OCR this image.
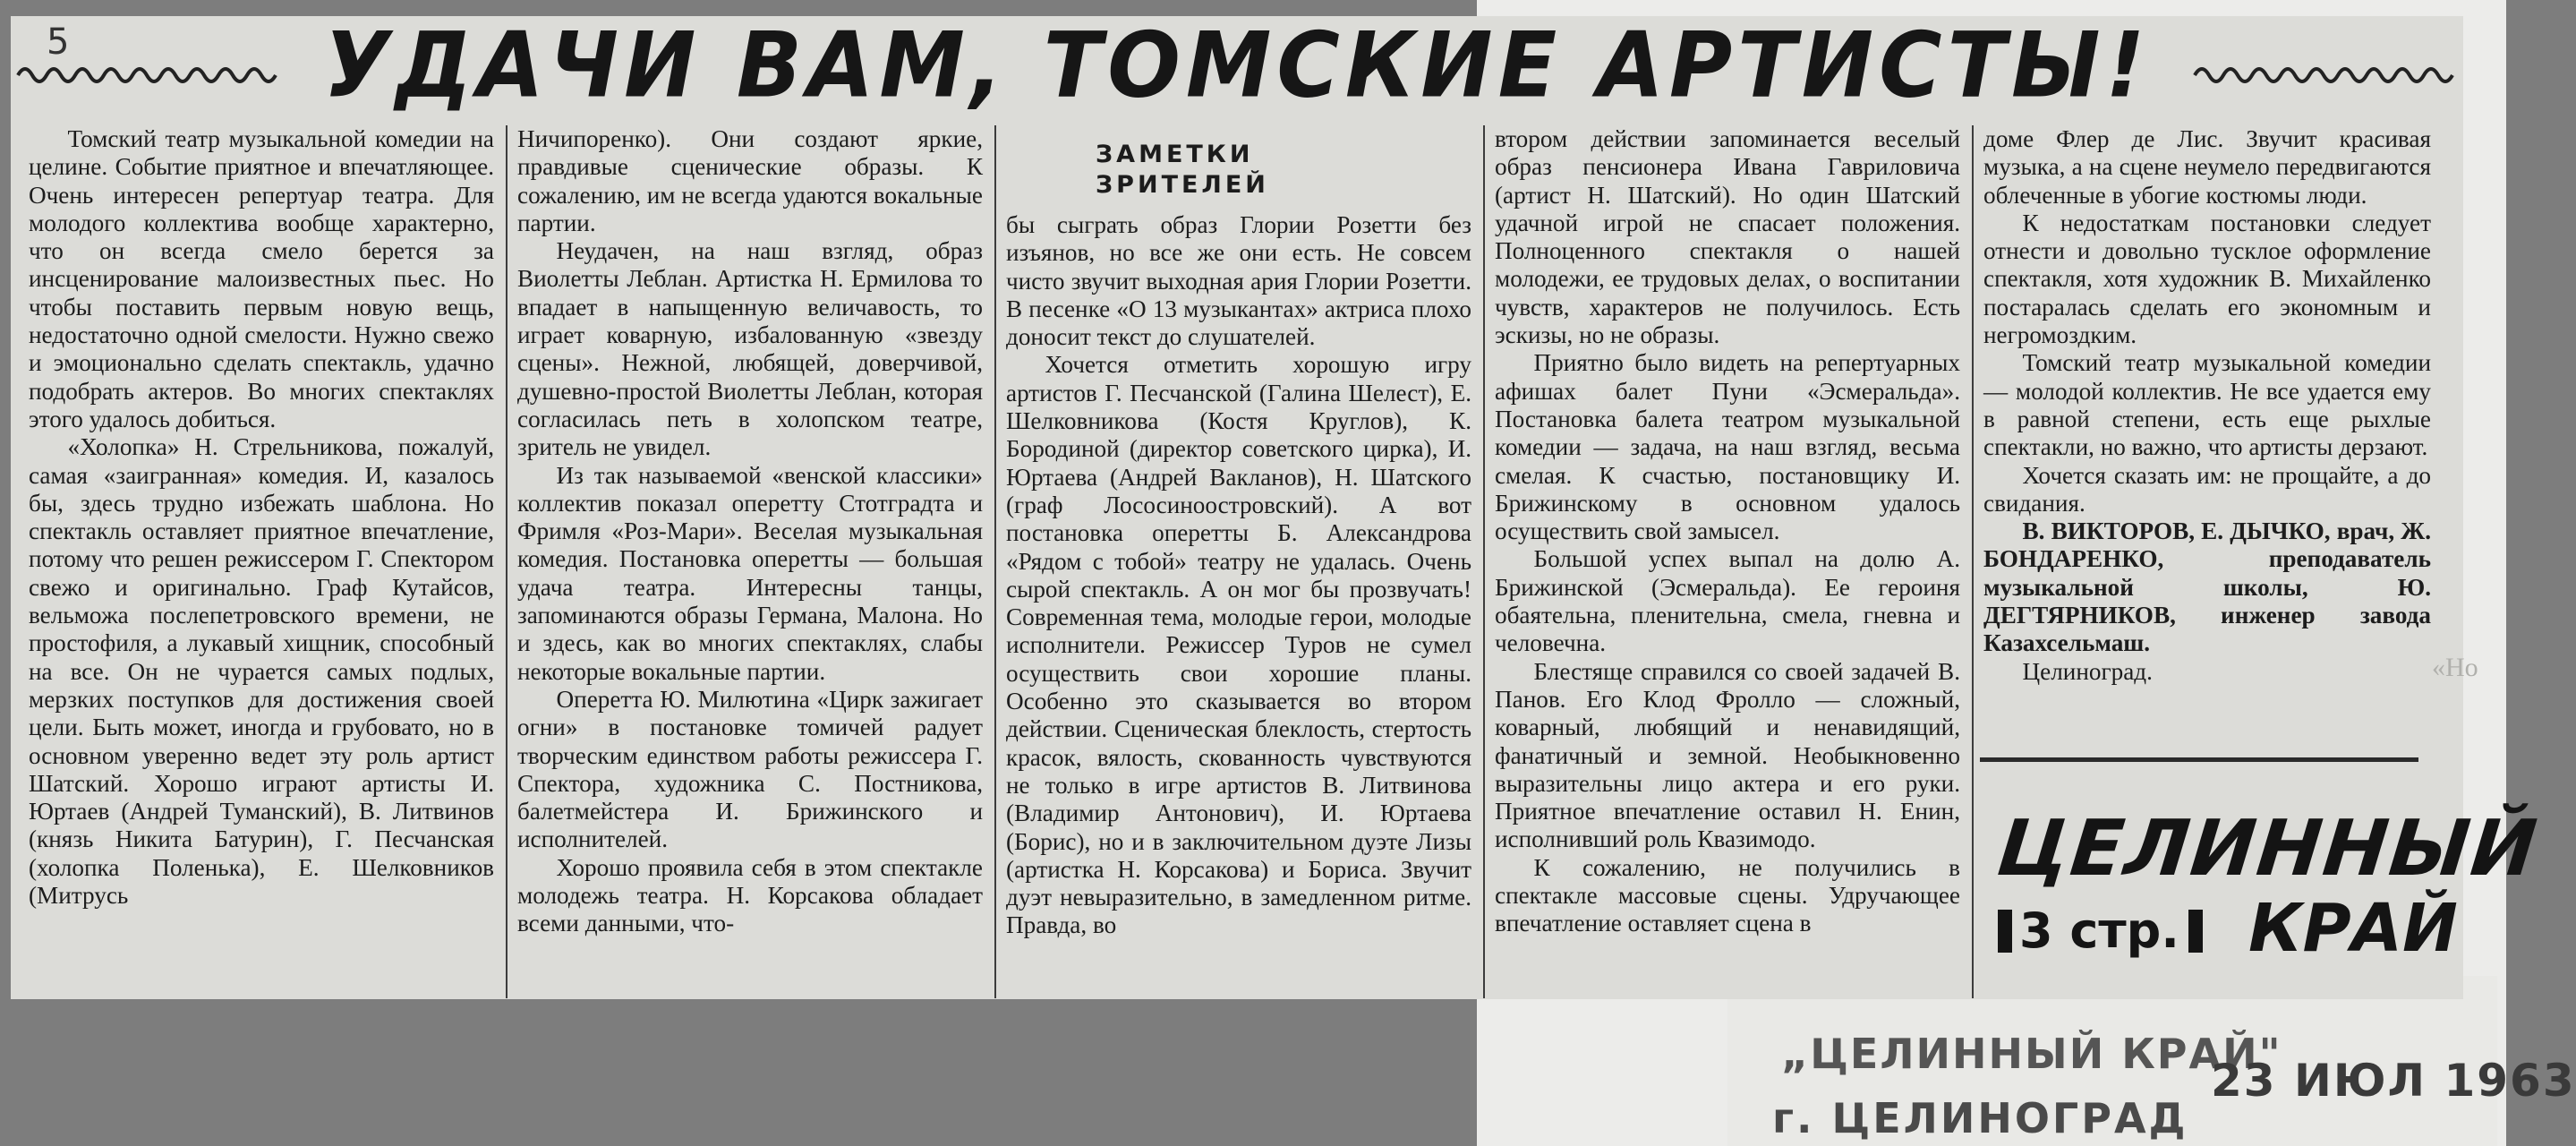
5	УДАЧИ ВАМ, ТОМСКИЕ АРТИСТЫ!
ЗАМЕТКИ
ЗРИТЕЛЕЙ

Томский театр музыкальной комедии на целине. Событие приятное и впечатляющее. Очень интересен репертуар театра. Для молодого коллектива вообще характерно, что он всегда смело берется за инсценирование малоизвестных пьес. Но чтобы поставить первым новую вещь, недостаточно одной смелости. Нужно свежо и эмоционально сделать спектакль, удачно подобрать актеров. Во многих спектаклях этого удалось добиться.

«Холопка» Н. Стрельникова, пожалуй, самая «заигранная» комедия. И, казалось бы, здесь трудно избежать шаблона. Но спектакль оставляет приятное впечатление, потому что решен режиссером Г. Спектором свежо и оригинально. Граф Кутайсов, вельможа послепетровского времени, не простофиля, а лукавый хищник, способный на все. Он не чурается самых подлых, мерзких поступков для достижения своей цели. Быть может, иногда и грубовато, но в основном уверенно ведет эту роль артист Шатский. Хорошо играют артисты И. Юртаев (Андрей Туманский), В. Литвинов (князь Никита Батурин), Г. Песчанская (холопка Поленька), Е. Шелковников (Митрусь

Ничипоренко). Они создают яркие, правдивые сценические образы. К сожалению, им не всегда удаются вокальные партии.

Неудачен, на наш взгляд, образ Виолетты Леблан. Артистка Н. Ермилова то впадает в напыщенную величавость, то играет коварную, избалованную «звезду сцены». Нежной, любящей, доверчивой, душевно-простой Виолетты Леблан, которая согласилась петь в холопском театре, зритель не увидел.

Из так называемой «венской классики» коллектив показал оперетту Стотградта и Фримля «Роз-Мари». Веселая музыкальная комедия. Постановка оперетты — большая удача театра. Интересны танцы, запоминаются образы Германа, Малона. Но и здесь, как во многих спектаклях, слабы некоторые вокальные партии.

Оперетта Ю. Милютина «Цирк зажигает огни» в постановке томичей радует творческим единством работы режиссера Г. Спектора, художника С. Постникова, балетмейстера И. Брижинского и исполнителей.

Хорошо проявила себя в этом спектакле молодежь театра. Н. Корсакова обладает всеми данными, что-

бы сыграть образ Глории Розетти без изъянов, но все же они есть. Не совсем чисто звучит выходная ария Глории Розетти. В песенке «О 13 музыкантах» актриса плохо доносит текст до слушателей.

Хочется отметить хорошую игру артистов Г. Песчанской (Галина Шелест), Е. Шелковникова (Костя Круглов), К. Бородиной (директор советского цирка), И. Юртаева (Андрей Вакланов), Н. Шатского (граф Лососиноостровский). А вот постановка оперетты Б. Александрова «Рядом с тобой» театру не удалась. Очень сырой спектакль. А он мог бы прозвучать! Современная тема, молодые герои, молодые исполнители. Режиссер Туров не сумел осуществить свои хорошие планы. Особенно это сказывается во втором действии. Сценическая блеклость, стертость красок, вялость, скованность чувствуются не только в игре артистов В. Литвинова (Владимир Антонович), И. Юртаева (Борис), но и в заключительном дуэте Лизы (артистка Н. Корсакова) и Бориса. Звучит дуэт невыразительно, в замедленном ритме. Правда, во

втором действии запоминается веселый образ пенсионера Ивана Гавриловича (артист Н. Шатский). Но один Шатский удачной игрой не спасает положения. Полноценного спектакля о нашей молодежи, ее трудовых делах, о воспитании чувств, характеров не получилось. Есть эскизы, но не образы.

Приятно было видеть на репертуарных афишах балет Пуни «Эсмеральда». Постановка балета театром музыкальной комедии — задача, на наш взгляд, весьма смелая. К счастью, постановщику И. Брижинскому в основном удалось осуществить свой замысел.

Большой успех выпал на долю А. Брижинской (Эсмеральда). Ее героиня обаятельна, пленительна, смела, гневна и человечна.

Блестяще справился со своей задачей В. Панов. Его Клод Фролло — сложный, коварный, любящий и ненавидящий, фанатичный и земной. Необыкновенно выразительны лицо актера и его руки. Приятное впечатление оставил Н. Енин, исполнивший роль Квазимодо.

К сожалению, не получились в спектакле массовые сцены. Удручающее впечатление оставляет сцена в

доме Флер де Лис. Звучит красивая музыка, а на сцене неумело передвигаются облеченные в убогие костюмы люди.

К недостаткам постановки следует отнести и довольно тусклое оформление спектакля, хотя художник В. Михайленко постаралась сделать его экономным и негромоздким.

Томский театр музыкальной комедии — молодой коллектив. Не все удается ему в равной степени, есть еще рыхлые спектакли, но важно, что артисты дерзают.

Хочется сказать им: не прощайте, а до свидания.

В. ВИКТОРОВ, Е. ДЫЧКО, врач, Ж. БОНДАРЕНКО, преподаватель музыкальной школы, Ю. ДЕГТЯРНИКОВ, инженер завода Казахсельмаш.

Целиноград.

ЦЕЛИННЫЙ
3 стр.	КРАЙ
«Но
„ЦЕЛИННЫЙ КРАЙ"
23 ИЮЛ 1963
г. ЦЕЛИНОГРАД
